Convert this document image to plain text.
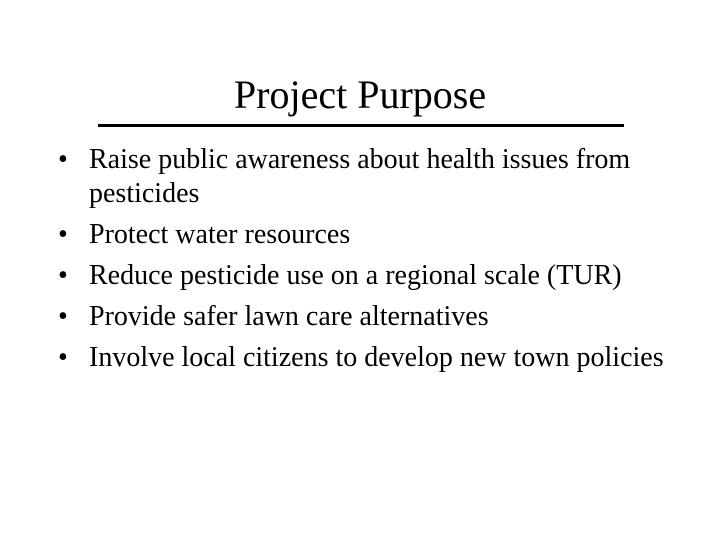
Project Purpose
• Raise public awareness about health issues from pesticides
• Protect water resources
• Reduce pesticide use on a regional scale (TUR)
• Provide safer lawn care alternatives
• Involve local citizens to develop new town policies
